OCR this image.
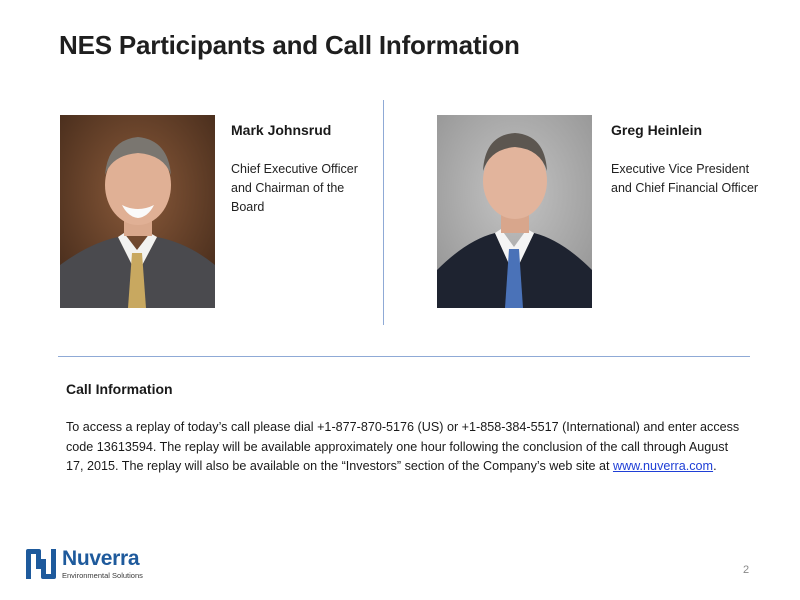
NES Participants and Call Information
Mark Johnsrud
Chief Executive Officer and Chairman of the Board
Greg Heinlein
Executive Vice President and Chief Financial Officer
Call Information
To access a replay of today’s call please dial +1-877-870-5176 (US) or +1-858-384-5517 (International) and enter access code 13613594. The replay will be available approximately one hour following the conclusion of the call through August 17, 2015. The replay will also be available on the “Investors” section of the Company’s web site at www.nuverra.com.
Nuverra
Environmental Solutions	2
